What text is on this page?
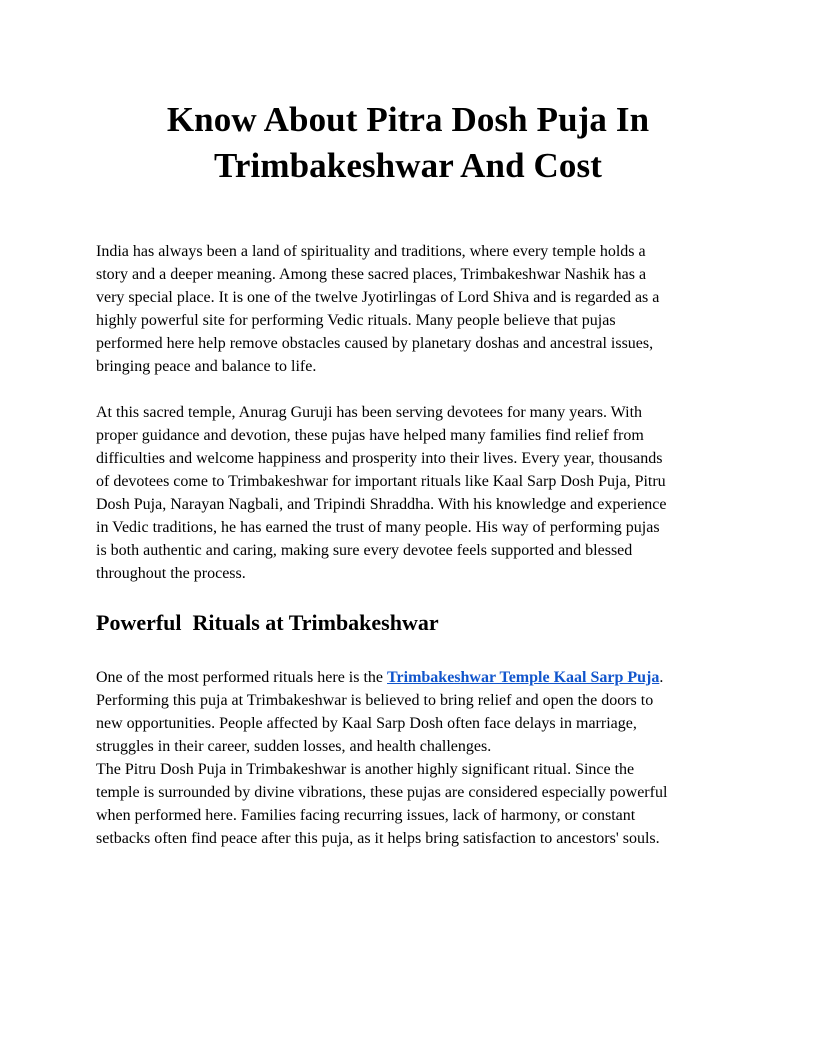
Know About Pitra Dosh Puja In
Trimbakeshwar And Cost

India has always been a land of spirituality and traditions, where every temple holds a
story and a deeper meaning. Among these sacred places, Trimbakeshwar Nashik has a
very special place. It is one of the twelve Jyotirlingas of Lord Shiva and is regarded as a
highly powerful site for performing Vedic rituals. Many people believe that pujas
performed here help remove obstacles caused by planetary doshas and ancestral issues,
bringing peace and balance to life.

At this sacred temple, Anurag Guruji has been serving devotees for many years. With
proper guidance and devotion, these pujas have helped many families find relief from
difficulties and welcome happiness and prosperity into their lives. Every year, thousands
of devotees come to Trimbakeshwar for important rituals like Kaal Sarp Dosh Puja, Pitru
Dosh Puja, Narayan Nagbali, and Tripindi Shraddha. With his knowledge and experience
in Vedic traditions, he has earned the trust of many people. His way of performing pujas
is both authentic and caring, making sure every devotee feels supported and blessed
throughout the process.

Powerful  Rituals at Trimbakeshwar

One of the most performed rituals here is the Trimbakeshwar Temple Kaal Sarp Puja.
Performing this puja at Trimbakeshwar is believed to bring relief and open the doors to
new opportunities. People affected by Kaal Sarp Dosh often face delays in marriage,
struggles in their career, sudden losses, and health challenges.
The Pitru Dosh Puja in Trimbakeshwar is another highly significant ritual. Since the
temple is surrounded by divine vibrations, these pujas are considered especially powerful
when performed here. Families facing recurring issues, lack of harmony, or constant
setbacks often find peace after this puja, as it helps bring satisfaction to ancestors' souls.
